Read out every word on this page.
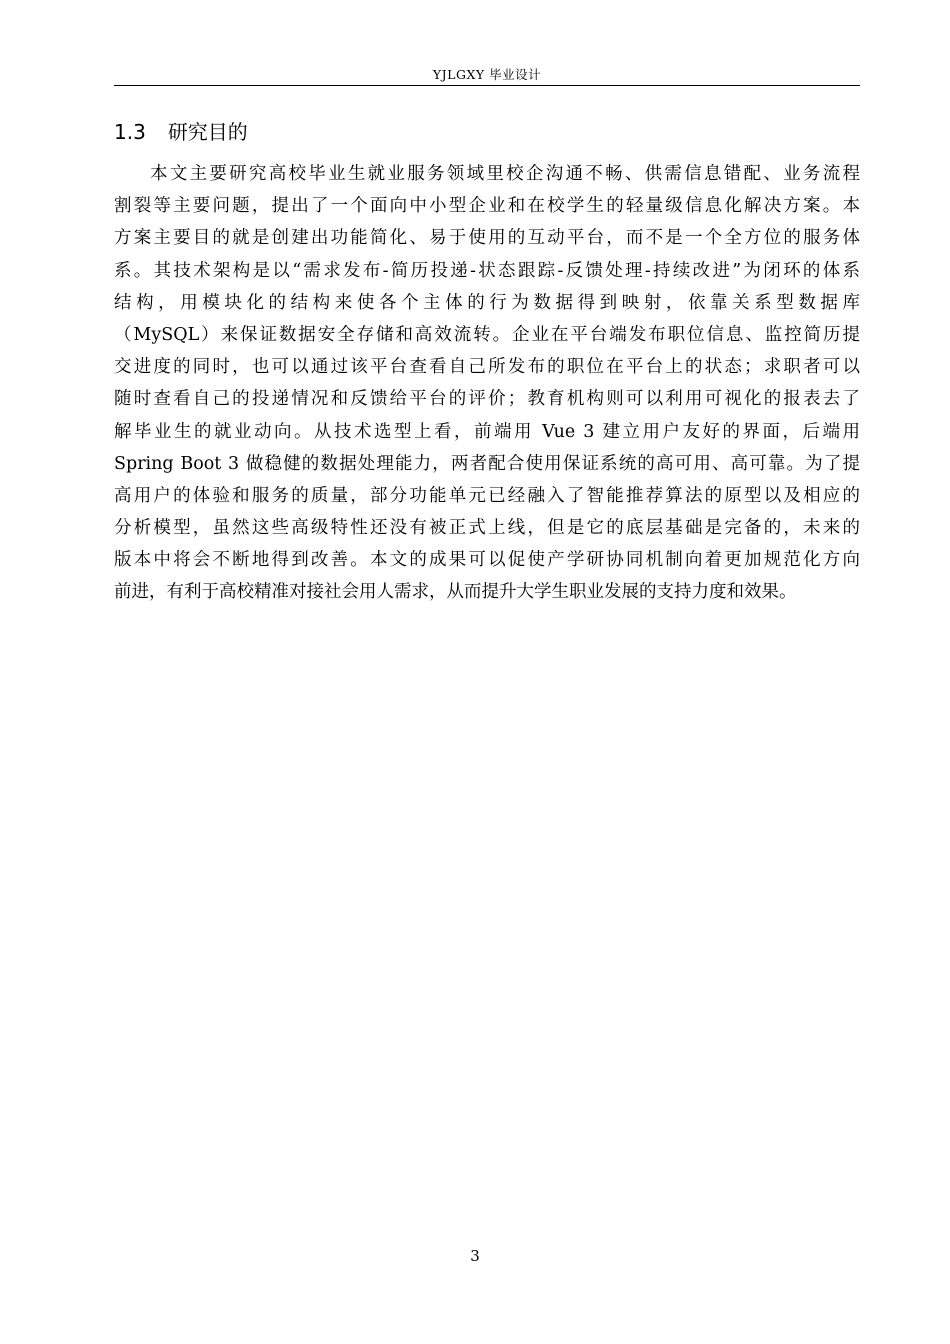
YJLGXY 毕业设计
1.3 研究目的
本文主要研究高校毕业生就业服务领域里校企沟通不畅、供需信息错配、业务流程
割裂等主要问题，提出了一个面向中小型企业和在校学生的轻量级信息化解决方案。本
方案主要目的就是创建出功能简化、易于使用的互动平台，而不是一个全方位的服务体
系。其技术架构是以“需求发布-简历投递-状态跟踪-反馈处理-持续改进”为闭环的体系
结构，用模块化的结构来使各个主体的行为数据得到映射，依靠关系型数据库
（MySQL）来保证数据安全存储和高效流转。企业在平台端发布职位信息、监控简历提
交进度的同时，也可以通过该平台查看自己所发布的职位在平台上的状态；求职者可以
随时查看自己的投递情况和反馈给平台的评价；教育机构则可以利用可视化的报表去了
解毕业生的就业动向。从技术选型上看，前端用 Vue 3 建立用户友好的界面，后端用
Spring Boot 3 做稳健的数据处理能力，两者配合使用保证系统的高可用、高可靠。为了提
高用户的体验和服务的质量，部分功能单元已经融入了智能推荐算法的原型以及相应的
分析模型，虽然这些高级特性还没有被正式上线，但是它的底层基础是完备的，未来的
版本中将会不断地得到改善。本文的成果可以促使产学研协同机制向着更加规范化方向
前进，有利于高校精准对接社会用人需求，从而提升大学生职业发展的支持力度和效果。
3
